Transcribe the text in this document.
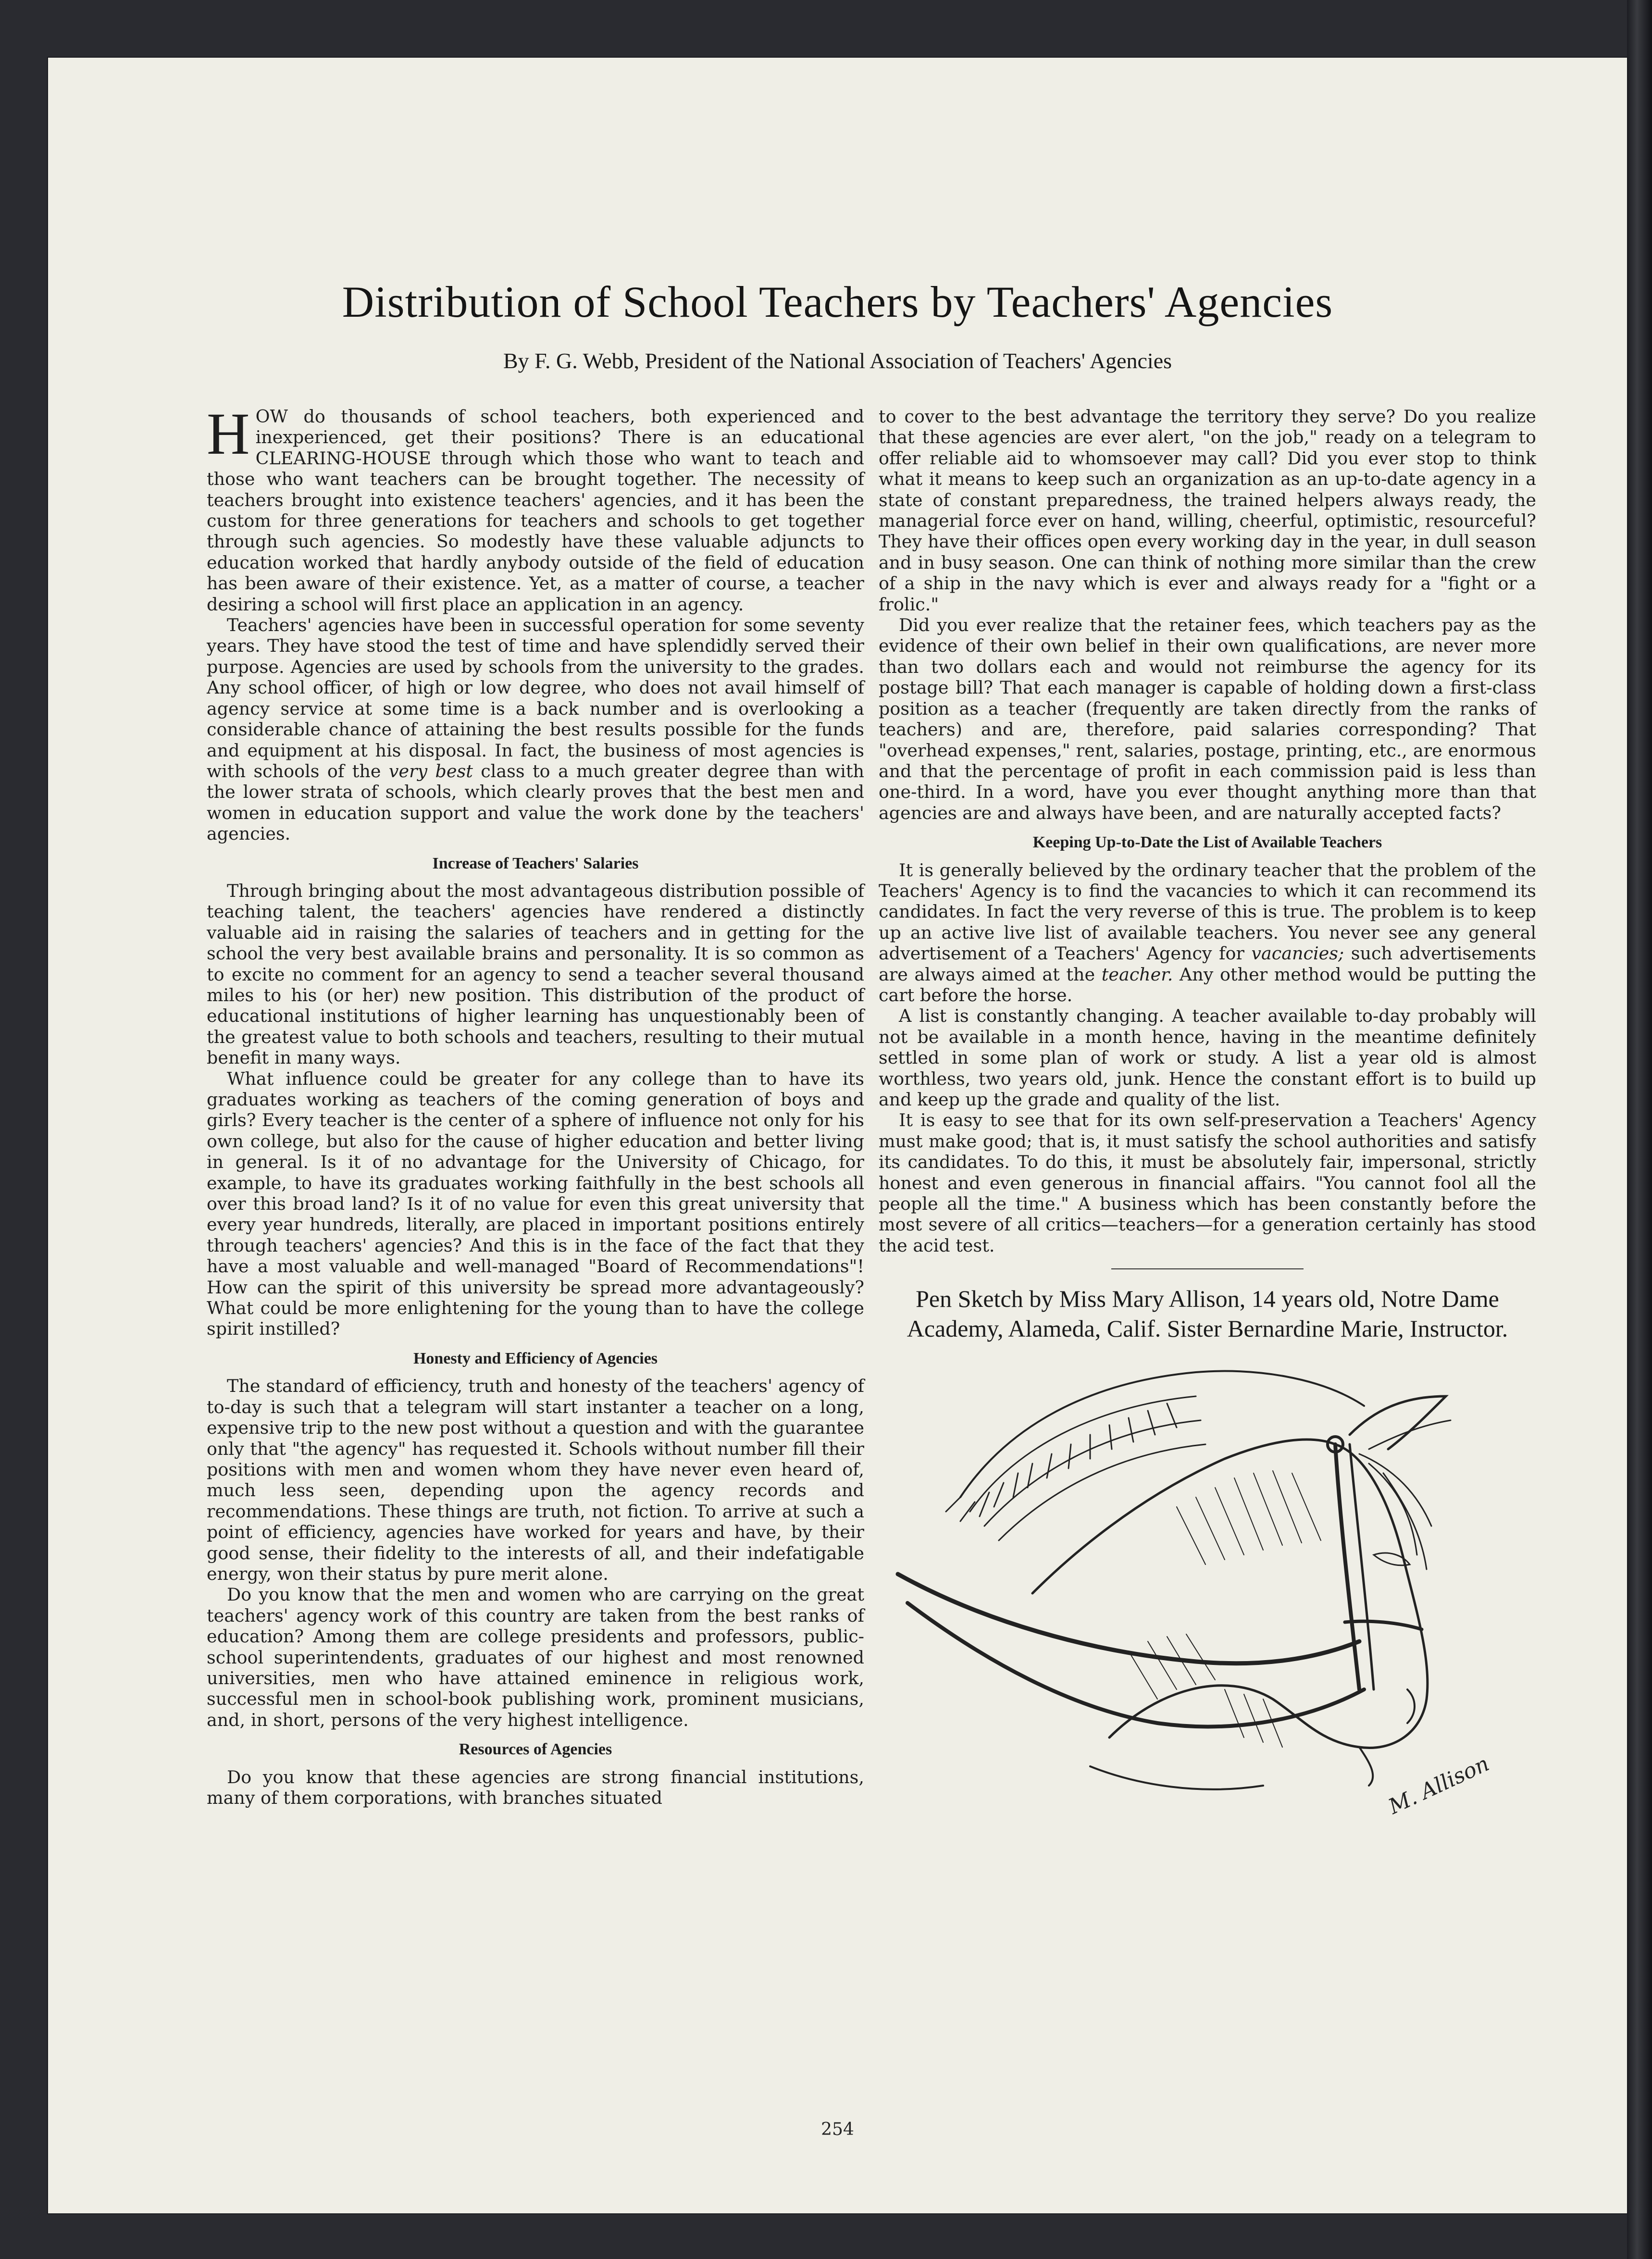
Distribution of School Teachers by Teachers' Agencies
By F. G. Webb, President of the National Association of Teachers' Agencies

HOW do thousands of school teachers, both experienced and inexperienced, get their positions? There is an educational CLEARING-HOUSE through which those who want to teach and those who want teachers can be brought together. The necessity of teachers brought into existence teachers' agencies, and it has been the custom for three generations for teachers and schools to get together through such agencies. So modestly have these valuable adjuncts to education worked that hardly anybody outside of the field of education has been aware of their existence. Yet, as a matter of course, a teacher desiring a school will first place an application in an agency.

Teachers' agencies have been in successful operation for some seventy years. They have stood the test of time and have splendidly served their purpose. Agencies are used by schools from the university to the grades. Any school officer, of high or low degree, who does not avail himself of agency service at some time is a back number and is overlooking a considerable chance of attaining the best results possible for the funds and equipment at his disposal. In fact, the business of most agencies is with schools of the very best class to a much greater degree than with the lower strata of schools, which clearly proves that the best men and women in education support and value the work done by the teachers' agencies.

Increase of Teachers' Salaries

Through bringing about the most advantageous distribution possible of teaching talent, the teachers' agencies have rendered a distinctly valuable aid in raising the salaries of teachers and in getting for the school the very best available brains and personality. It is so common as to excite no comment for an agency to send a teacher several thousand miles to his (or her) new position. This distribution of the product of educational institutions of higher learning has unquestionably been of the greatest value to both schools and teachers, resulting to their mutual benefit in many ways.

What influence could be greater for any college than to have its graduates working as teachers of the coming generation of boys and girls? Every teacher is the center of a sphere of influence not only for his own college, but also for the cause of higher education and better living in general. Is it of no advantage for the University of Chicago, for example, to have its graduates working faithfully in the best schools all over this broad land? Is it of no value for even this great university that every year hundreds, literally, are placed in important positions entirely through teachers' agencies? And this is in the face of the fact that they have a most valuable and well-managed "Board of Recommendations"! How can the spirit of this university be spread more advantageously? What could be more enlightening for the young than to have the college spirit instilled?

Honesty and Efficiency of Agencies

The standard of efficiency, truth and honesty of the teachers' agency of to-day is such that a telegram will start instanter a teacher on a long, expensive trip to the new post without a question and with the guarantee only that "the agency" has requested it. Schools without number fill their positions with men and women whom they have never even heard of, much less seen, depending upon the agency records and recommendations. These things are truth, not fiction. To arrive at such a point of efficiency, agencies have worked for years and have, by their good sense, their fidelity to the interests of all, and their indefatigable energy, won their status by pure merit alone.

Do you know that the men and women who are carrying on the great teachers' agency work of this country are taken from the best ranks of education? Among them are college presidents and professors, public-school superintendents, graduates of our highest and most renowned universities, men who have attained eminence in religious work, successful men in school-book publishing work, prominent musicians, and, in short, persons of the very highest intelligence.

Resources of Agencies

Do you know that these agencies are strong financial institutions, many of them corporations, with branches situated

to cover to the best advantage the territory they serve? Do you realize that these agencies are ever alert, "on the job," ready on a telegram to offer reliable aid to whomsoever may call? Did you ever stop to think what it means to keep such an organization as an up-to-date agency in a state of constant preparedness, the trained helpers always ready, the managerial force ever on hand, willing, cheerful, optimistic, resourceful? They have their offices open every working day in the year, in dull season and in busy season. One can think of nothing more similar than the crew of a ship in the navy which is ever and always ready for a "fight or a frolic."

Did you ever realize that the retainer fees, which teachers pay as the evidence of their own belief in their own qualifications, are never more than two dollars each and would not reimburse the agency for its postage bill? That each manager is capable of holding down a first-class position as a teacher (frequently are taken directly from the ranks of teachers) and are, therefore, paid salaries corresponding? That "overhead expenses," rent, salaries, postage, printing, etc., are enormous and that the percentage of profit in each commission paid is less than one-third. In a word, have you ever thought anything more than that agencies are and always have been, and are naturally accepted facts?

Keeping Up-to-Date the List of Available Teachers

It is generally believed by the ordinary teacher that the problem of the Teachers' Agency is to find the vacancies to which it can recommend its candidates. In fact the very reverse of this is true. The problem is to keep up an active live list of available teachers. You never see any general advertisement of a Teachers' Agency for vacancies; such advertisements are always aimed at the teacher. Any other method would be putting the cart before the horse.

A list is constantly changing. A teacher available to-day probably will not be available in a month hence, having in the meantime definitely settled in some plan of work or study. A list a year old is almost worthless, two years old, junk. Hence the constant effort is to build up and keep up the grade and quality of the list.

It is easy to see that for its own self-preservation a Teachers' Agency must make good; that is, it must satisfy the school authorities and satisfy its candidates. To do this, it must be absolutely fair, impersonal, strictly honest and even generous in financial affairs. "You cannot fool all the people all the time." A business which has been constantly before the most severe of all critics—teachers—for a generation certainly has stood the acid test.

Pen Sketch by Miss Mary Allison, 14 years old, Notre Dame Academy, Alameda, Calif. Sister Bernardine Marie, Instructor.
M. Allison
254
